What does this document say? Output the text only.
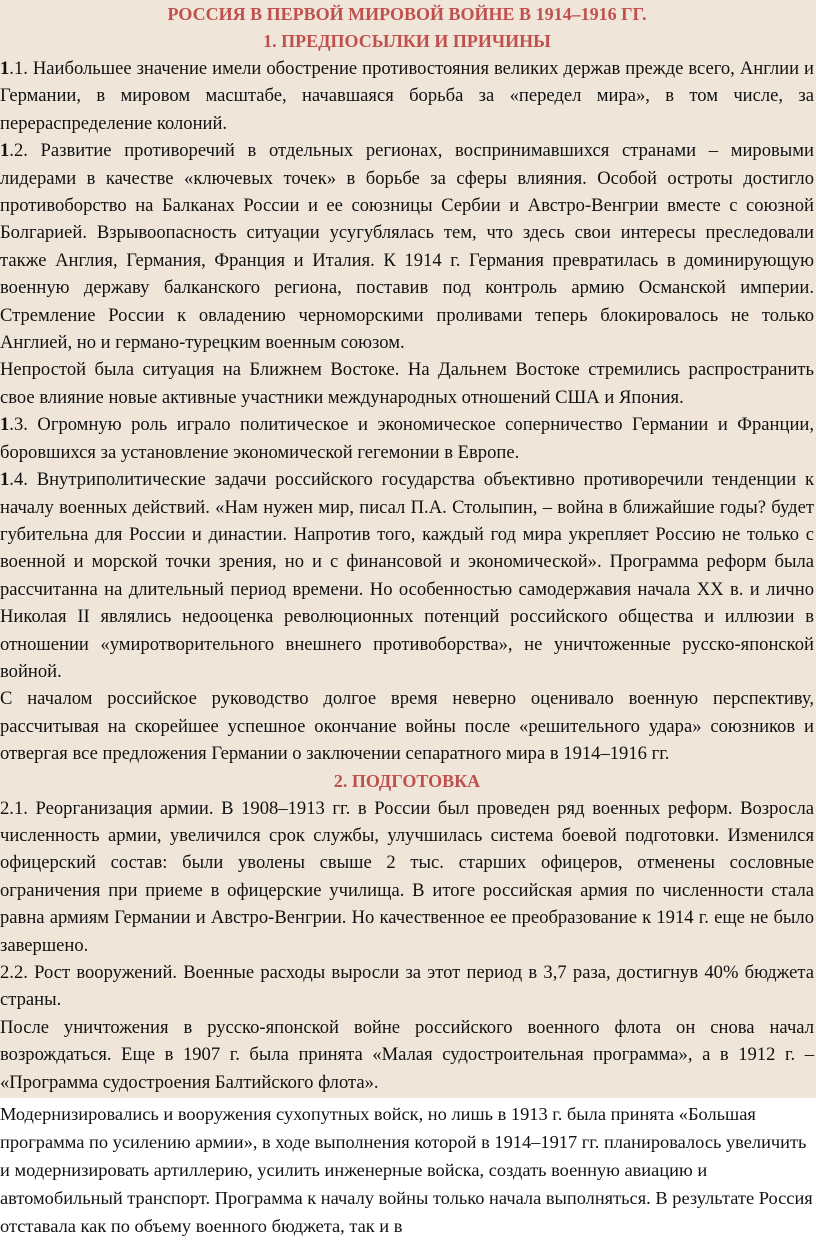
РОССИЯ В ПЕРВОЙ МИРОВОЙ ВОЙНЕ В 1914–1916 ГГ.
1. ПРЕДПОСЫЛКИ И ПРИЧИНЫ

1.1. Наибольшее значение имели обострение противостояния великих держав прежде всего, Англии и Германии, в мировом масштабе, начавшаяся борьба за «передел мира», в том числе, за перераспределение колоний.

1.2. Развитие противоречий в отдельных регионах, воспринимавшихся странами – мировыми лидерами в качестве «ключевых точек» в борьбе за сферы влияния. Особой остроты достигло противоборство на Балканах России и ее союзницы Сербии и Австро-Венгрии вместе с союзной Болгарией. Взрывоопасность ситуации усугублялась тем, что здесь свои интересы преследовали также Англия, Германия, Франция и Италия. К 1914 г. Германия превратилась в доминирующую военную державу балканского региона, поставив под контроль армию Османской империи. Стремление России к овладению черноморскими проливами теперь блокировалось не только Англией, но и германо-турецким военным союзом.

Непростой была ситуация на Ближнем Востоке. На Дальнем Востоке стремились распространить свое влияние новые активные участники международных отношений США и Япония.

1.3. Огромную роль играло политическое и экономическое соперничество Германии и Франции, боровшихся за установление экономической гегемонии в Европе.

1.4. Внутриполитические задачи российского государства объективно противоречили тенденции к началу военных действий. «Нам нужен мир, писал П.А. Столыпин, – война в ближайшие годы? будет губительна для России и династии. Напротив того, каждый год мира укрепляет Россию не только с военной и морской точки зрения, но и с финансовой и экономической». Программа реформ была рассчитанна на длительный период времени. Но особенностью самодержавия начала XX в. и лично Николая II являлись недооценка революционных потенций российского общества и иллюзии в отношении «умиротворительного внешнего противоборства», не уничтоженные русско-японской войной.

С началом российское руководство долгое время неверно оценивало военную перспективу, рассчитывая на скорейшее успешное окончание войны после «решительного удара» союзников и отвергая все предложения Германии о заключении сепаратного мира в 1914–1916 гг.

2. ПОДГОТОВКА

2.1. Реорганизация армии. В 1908–1913 гг. в России был проведен ряд военных реформ. Возросла численность армии, увеличился срок службы, улучшилась система боевой подготовки. Изменился офицерский состав: были уволены свыше 2 тыс. старших офицеров, отменены сословные ограничения при приеме в офицерские училища. В итоге российская армия по численности стала равна армиям Германии и Австро-Венгрии. Но качественное ее преобразование к 1914 г. еще не было завершено.

2.2. Рост вооружений. Военные расходы выросли за этот период в 3,7 раза, достигнув 40% бюджета страны.

После уничтожения в русско-японской войне российского военного флота он снова начал возрождаться. Еще в 1907 г. была принята «Малая судостроительная программа», а в 1912 г. – «Программа судостроения Балтийского флота».

Модернизировались и вооружения сухопутных войск, но лишь в 1913 г. была принята «Большая программа по усилению армии», в ходе выполнения которой в 1914–1917 гг. планировалось увеличить и модернизировать артиллерию, усилить инженерные войска, создать военную авиацию и автомобильный транспорт. Программа к началу войны только начала выполняться. В результате Россия отставала как по объему военного бюджета, так и в
